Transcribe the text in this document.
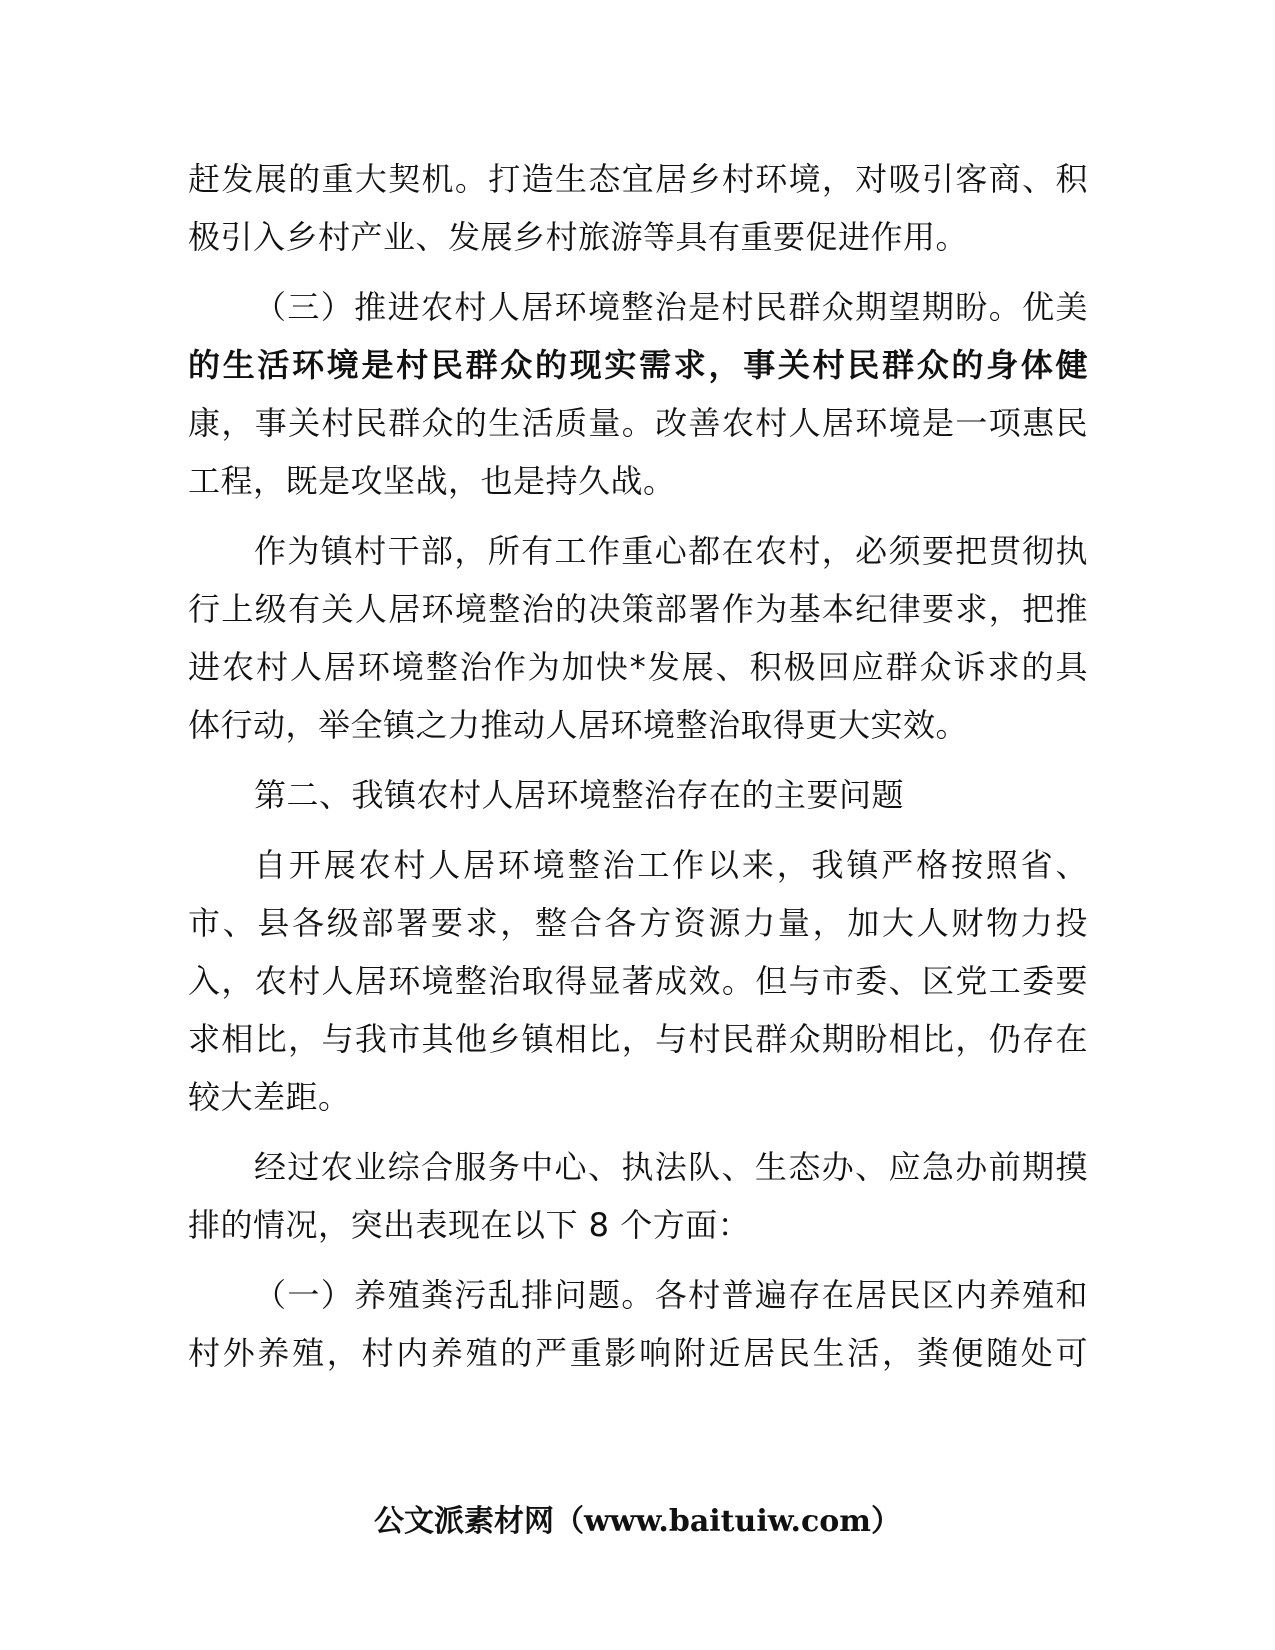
赶发展的重大契机。打造生态宜居乡村环境，对吸引客商、积
极引入乡村产业、发展乡村旅游等具有重要促进作用。
（三）推进农村人居环境整治是村民群众期望期盼。优美
的生活环境是村民群众的现实需求，事关村民群众的身体健
康，事关村民群众的生活质量。改善农村人居环境是一项惠民
工程，既是攻坚战，也是持久战。
作为镇村干部，所有工作重心都在农村，必须要把贯彻执
行上级有关人居环境整治的决策部署作为基本纪律要求，把推
进农村人居环境整治作为加快*发展、积极回应群众诉求的具
体行动，举全镇之力推动人居环境整治取得更大实效。
第二、我镇农村人居环境整治存在的主要问题
自开展农村人居环境整治工作以来，我镇严格按照省、
市、县各级部署要求，整合各方资源力量，加大人财物力投
入，农村人居环境整治取得显著成效。但与市委、区党工委要
求相比，与我市其他乡镇相比，与村民群众期盼相比，仍存在
较大差距。
经过农业综合服务中心、执法队、生态办、应急办前期摸
排的情况，突出表现在以下 8 个方面：
（一）养殖粪污乱排问题。各村普遍存在居民区内养殖和
村外养殖，村内养殖的严重影响附近居民生活，粪便随处可
公文派素材网（www.baituiw.com）
